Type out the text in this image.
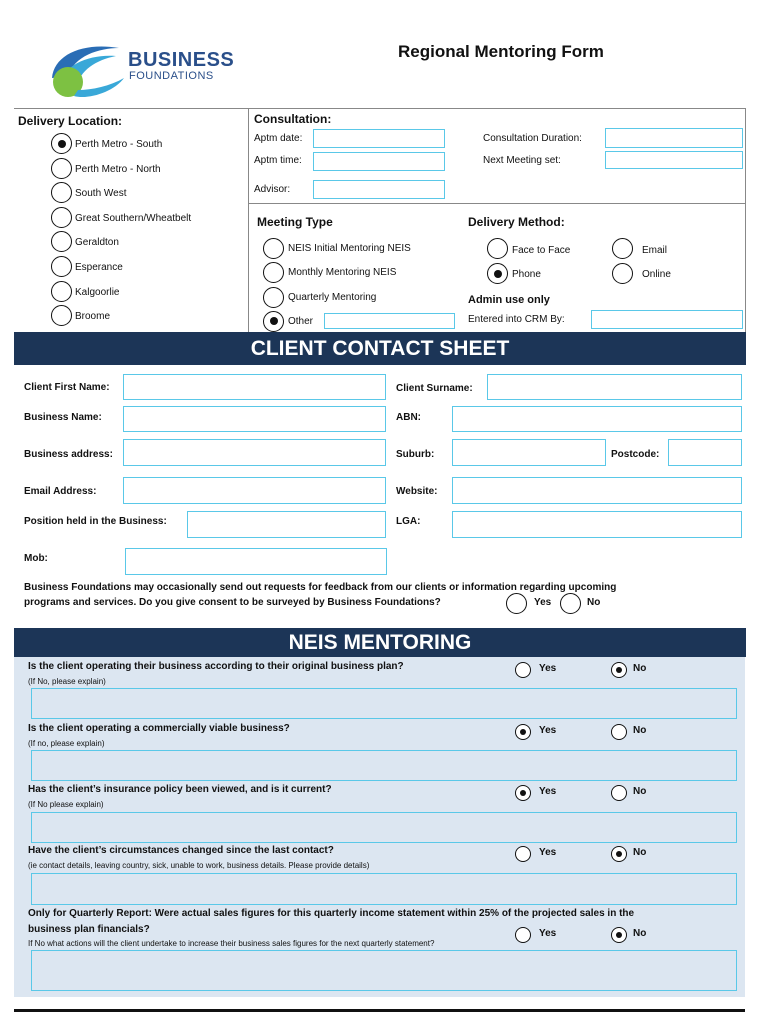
BUSINESS
FOUNDATIONS
Regional Mentoring Form
Delivery Location:
Perth Metro - South
Perth Metro - North
South West
Great Southern/Wheatbelt
Geraldton
Esperance
Kalgoorlie
Broome
Consultation:
Aptm date:
Aptm time:
Advisor:
Consultation Duration:
Next Meeting set:
Meeting Type
NEIS Initial Mentoring NEIS
Monthly Mentoring NEIS
Quarterly Mentoring
Other
Delivery Method:
Face to Face
Phone
Email
Online
Admin use only
Entered into CRM By:
CLIENT CONTACT SHEET
Client First Name:	Client Surname:
Business Name:	ABN:
Business address:	Suburb:	Postcode:
Email Address:	Website:
Position held in the Business:	LGA:
Mob:
Business Foundations may occasionally send out requests for feedback from our clients or information regarding upcoming
programs and services. Do you give consent to be surveyed by Business Foundations?	Yes	No
NEIS MENTORING
Is the client operating their business according to their original business plan?
(If No, please explain)
Yes	No
Is the client operating a commercially viable business?
(If no, please explain)
Yes	No
Has the client’s insurance policy been viewed, and is it current?
(If No please explain)
Yes	No
Have the client’s circumstances changed since the last contact?
(ie contact details, leaving country, sick, unable to work, business details. Please provide details)
Yes	No
Only for Quarterly Report: Were actual sales figures for this quarterly income statement within 25% of the projected sales in the
business plan financials?
If No what actions will the client undertake to increase their business sales figures for the next quarterly statement?
Yes	No
